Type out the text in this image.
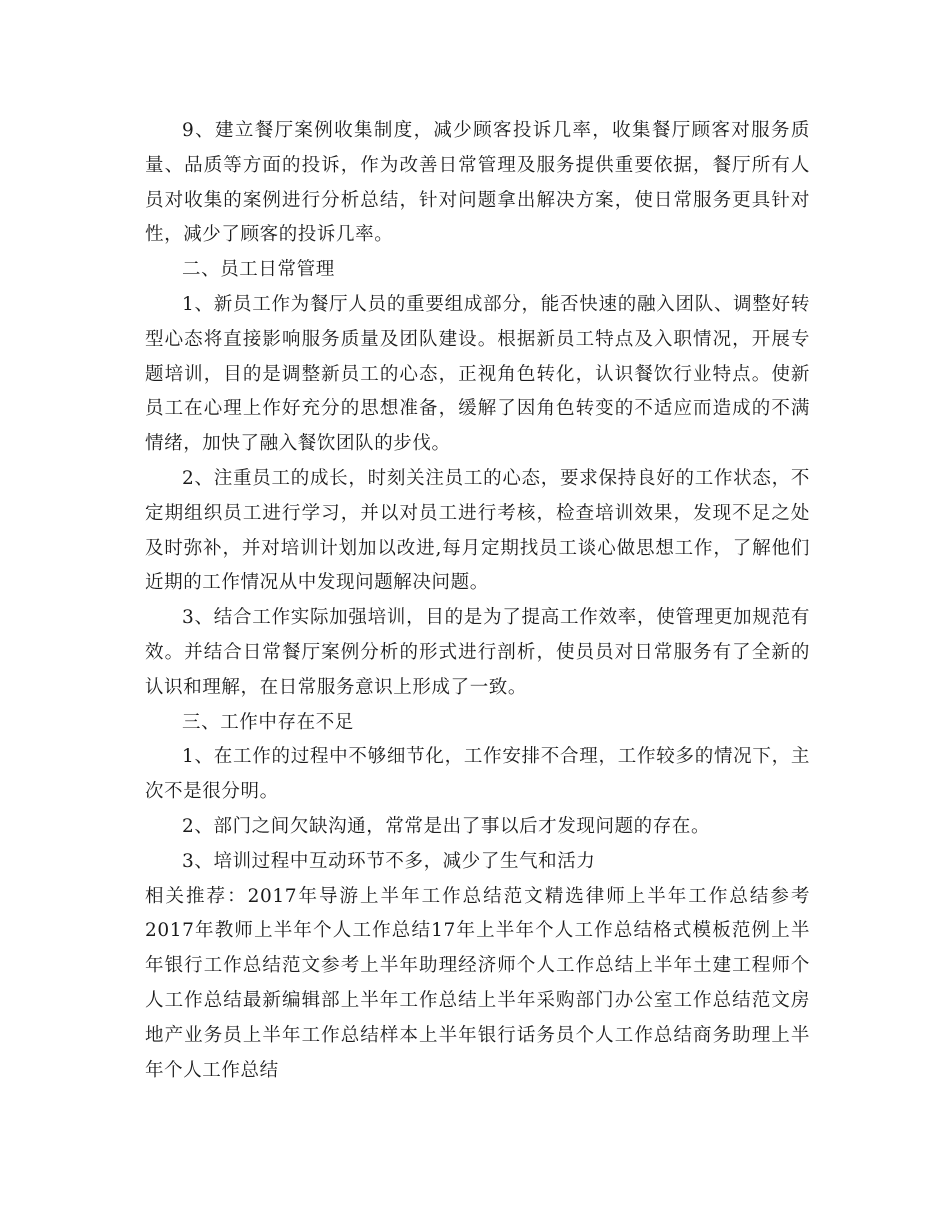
9、建立餐厅案例收集制度，减少顾客投诉几率，收集餐厅顾客对服务质量、品质等方面的投诉，作为改善日常管理及服务提供重要依据，餐厅所有人员对收集的案例进行分析总结，针对问题拿出解决方案，使日常服务更具针对性，减少了顾客的投诉几率。

二、员工日常管理

1、新员工作为餐厅人员的重要组成部分，能否快速的融入团队、调整好转型心态将直接影响服务质量及团队建设。根据新员工特点及入职情况，开展专题培训，目的是调整新员工的心态，正视角色转化，认识餐饮行业特点。使新员工在心理上作好充分的思想准备，缓解了因角色转变的不适应而造成的不满情绪，加快了融入餐饮团队的步伐。

2、注重员工的成长，时刻关注员工的心态，要求保持良好的工作状态，不定期组织员工进行学习，并以对员工进行考核，检查培训效果，发现不足之处及时弥补，并对培训计划加以改进,每月定期找员工谈心做思想工作，了解他们近期的工作情况从中发现问题解决问题。

3、结合工作实际加强培训，目的是为了提高工作效率，使管理更加规范有效。并结合日常餐厅案例分析的形式进行剖析，使员员对日常服务有了全新的认识和理解，在日常服务意识上形成了一致。

三、工作中存在不足

1、在工作的过程中不够细节化，工作安排不合理，工作较多的情况下，主次不是很分明。

2、部门之间欠缺沟通，常常是出了事以后才发现问题的存在。

3、培训过程中互动环节不多，减少了生气和活力

相关推荐：2017年导游上半年工作总结范文精选律师上半年工作总结参考2017年教师上半年个人工作总结17年上半年个人工作总结格式模板范例上半年银行工作总结范文参考上半年助理经济师个人工作总结上半年土建工程师个人工作总结最新编辑部上半年工作总结上半年采购部门办公室工作总结范文房地产业务员上半年工作总结样本上半年银行话务员个人工作总结商务助理上半年个人工作总结
